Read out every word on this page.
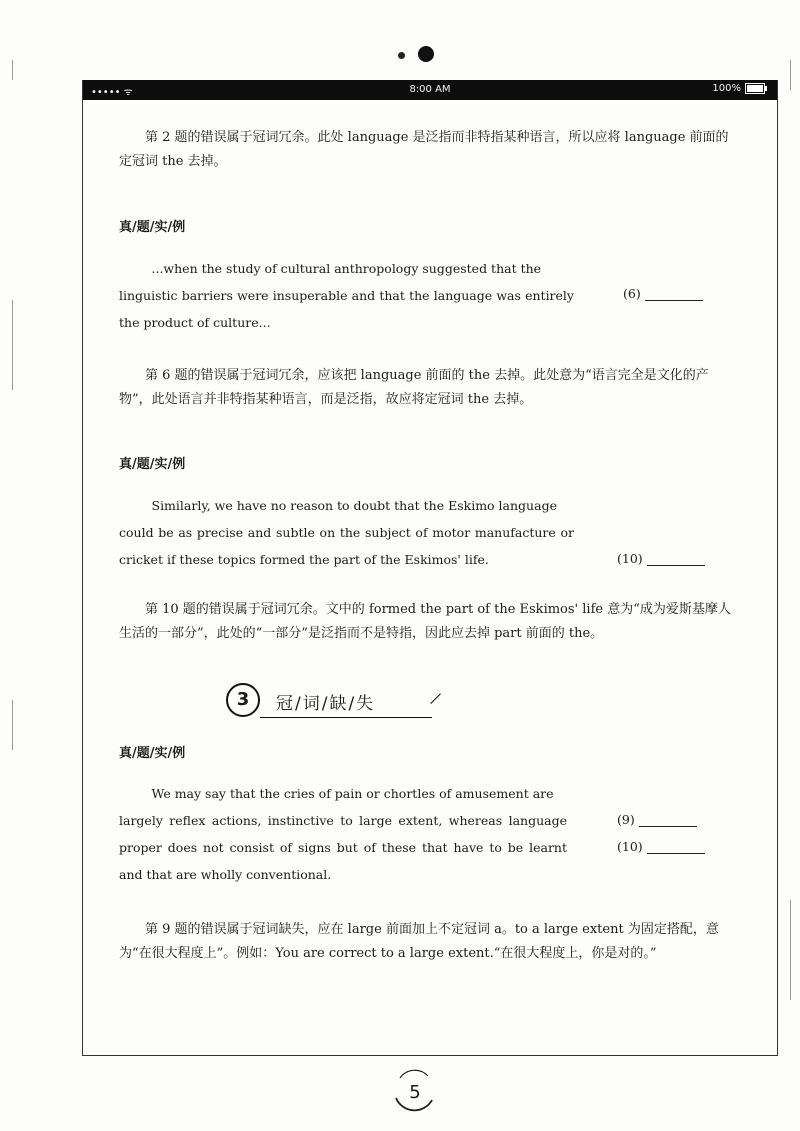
••••• ᯤ	8:00 AM	100%
第 2 题的错误属于冠词冗余。此处 language 是泛指而非特指某种语言，所以应将 language 前面的定冠词 the 去掉。
真/题/实/例
...when the study of cultural anthropology suggested that the
linguistic barriers were insuperable and that the language was entirely the product of culture...
(6)
第 6 题的错误属于冠词冗余，应该把 language 前面的 the 去掉。此处意为“语言完全是文化的产物”，此处语言并非特指某种语言，而是泛指，故应将定冠词 the 去掉。
真/题/实/例
Similarly, we have no reason to doubt that the Eskimo language
could be as precise and subtle on the subject of motor manufacture or cricket if these topics formed the part of the Eskimos' life.	(10)
第 10 题的错误属于冠词冗余。文中的 formed the part of the Eskimos' life 意为“成为爱斯基摩人生活的一部分”，此处的“一部分”是泛指而不是特指，因此应去掉 part 前面的 the。
真/题/实/例
We may say that the cries of pain or chortles of amusement are
largely reflex actions, instinctive to large extent, whereas language proper does not consist of signs but of these that have to be learnt and that are wholly conventional.
(9)
(10)
第 9 题的错误属于冠词缺失，应在 large 前面加上不定冠词 a。to a large extent 为固定搭配，意为“在很大程度上”。例如：You are correct to a large extent.“在很大程度上，你是对的。”
3	冠/词/缺/失
5
